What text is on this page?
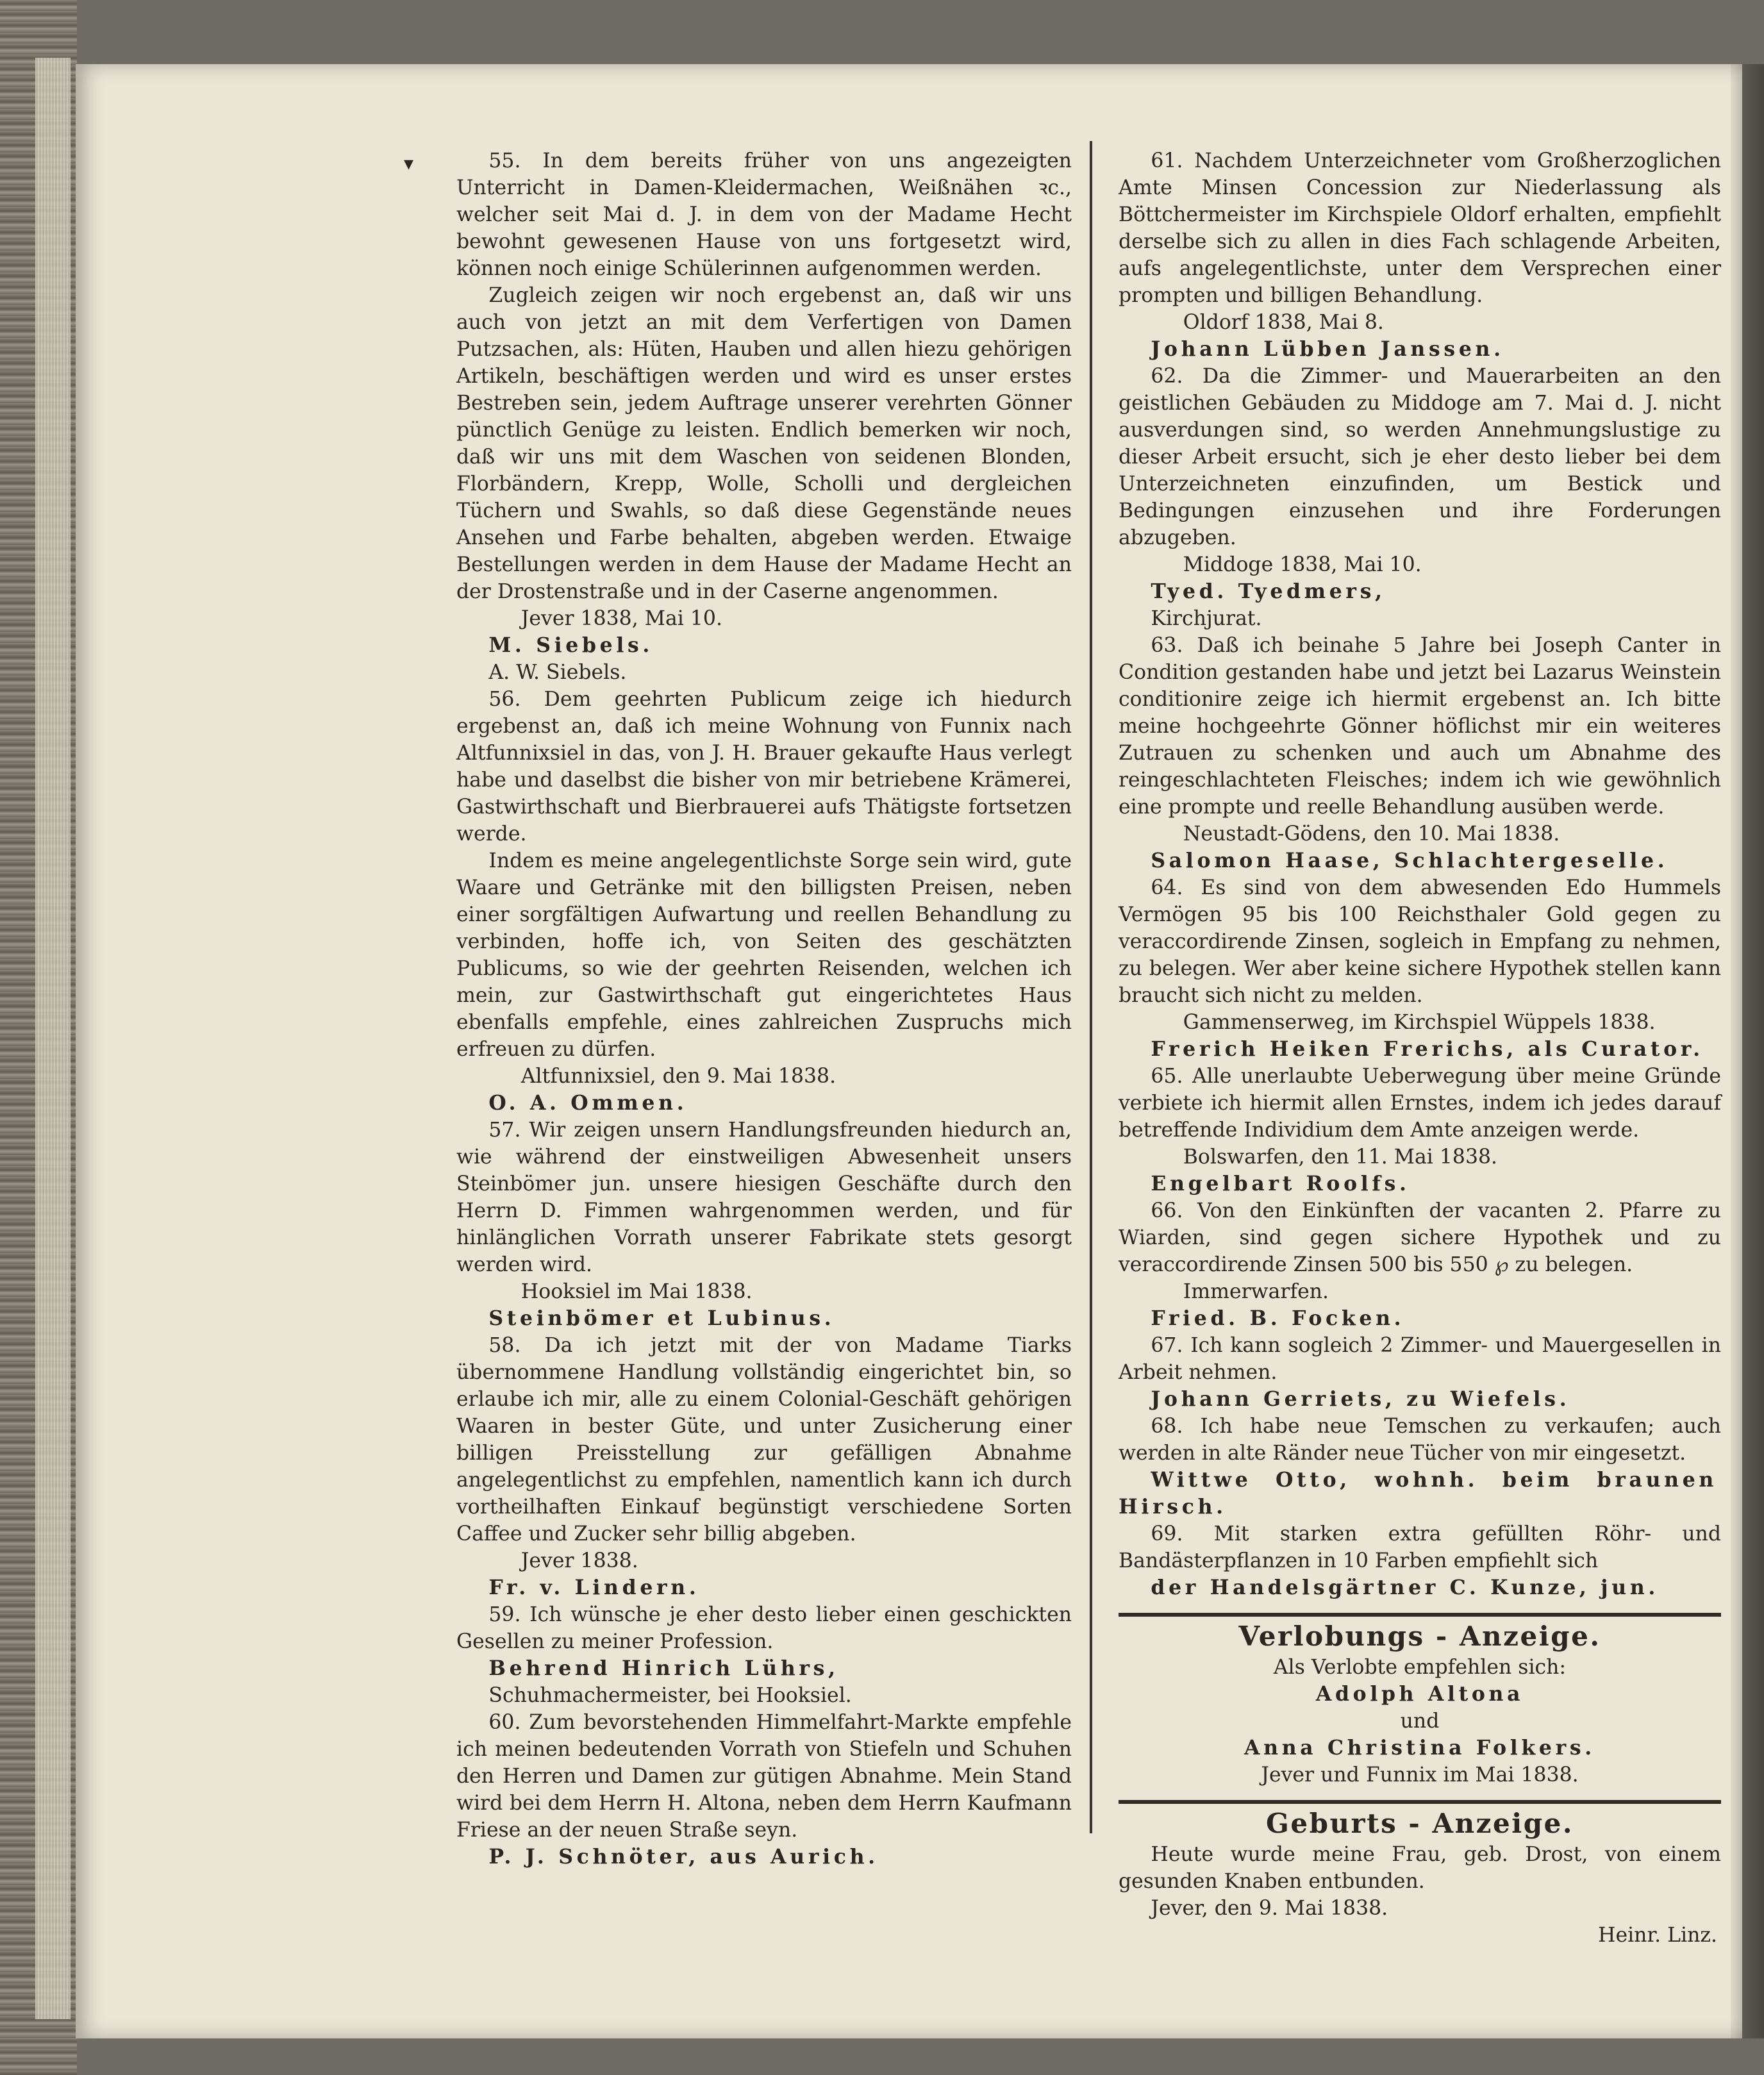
▾	55. In dem bereits früher von uns angezeigten Unterricht in Damen-Kleidermachen, Weißnähen ꝛc., welcher seit Mai d. J. in dem von der Madame Hecht bewohnt gewesenen Hause von uns fortgesetzt wird, können noch einige Schülerinnen aufgenommen werden.

Zugleich zeigen wir noch ergebenst an, daß wir uns auch von jetzt an mit dem Verfertigen von Damen Putzsachen, als: Hüten, Hauben und allen hiezu gehörigen Artikeln, beschäftigen werden und wird es unser erstes Bestreben sein, jedem Auftrage unserer verehrten Gönner pünctlich Genüge zu leisten. Endlich bemerken wir noch, daß wir uns mit dem Waschen von seidenen Blonden, Florbändern, Krepp, Wolle, Scholli und dergleichen Tüchern und Swahls, so daß diese Gegenstände neues Ansehen und Farbe behalten, abgeben werden. Etwaige Bestellungen werden in dem Hause der Madame Hecht an der Drostenstraße und in der Caserne angenommen.

Jever 1838, Mai 10.

M. Siebels.

A. W. Siebels.

56. Dem geehrten Publicum zeige ich hiedurch ergebenst an, daß ich meine Wohnung von Funnix nach Altfunnixsiel in das, von J. H. Brauer gekaufte Haus verlegt habe und daselbst die bisher von mir betriebene Krämerei, Gastwirthschaft und Bierbrauerei aufs Thätigste fortsetzen werde.

Indem es meine angelegentlichste Sorge sein wird, gute Waare und Getränke mit den billigsten Preisen, neben einer sorgfältigen Aufwartung und reellen Behandlung zu verbinden, hoffe ich, von Seiten des geschätzten Publicums, so wie der geehrten Reisenden, welchen ich mein, zur Gastwirthschaft gut eingerichtetes Haus ebenfalls empfehle, eines zahlreichen Zuspruchs mich erfreuen zu dürfen.

Altfunnixsiel, den 9. Mai 1838.

O. A. Ommen.

57. Wir zeigen unsern Handlungsfreunden hiedurch an, wie während der einstweiligen Abwesenheit unsers Steinbömer jun. unsere hiesigen Geschäfte durch den Herrn D. Fimmen wahrgenommen werden, und für hinlänglichen Vorrath unserer Fabrikate stets gesorgt werden wird.

Hooksiel im Mai 1838.

Steinbömer et Lubinus.

58. Da ich jetzt mit der von Madame Tiarks übernommene Handlung vollständig eingerichtet bin, so erlaube ich mir, alle zu einem Colonial-Geschäft gehörigen Waaren in bester Güte, und unter Zusicherung einer billigen Preisstellung zur gefälligen Abnahme angelegentlichst zu empfehlen, namentlich kann ich durch vortheilhaften Einkauf begünstigt verschiedene Sorten Caffee und Zucker sehr billig abgeben.

Jever 1838.

Fr. v. Lindern.

59. Ich wünsche je eher desto lieber einen geschickten Gesellen zu meiner Profession.

Behrend Hinrich Lührs,

Schuhmachermeister, bei Hooksiel.

60. Zum bevorstehenden Himmelfahrt-Markte empfehle ich meinen bedeutenden Vorrath von Stiefeln und Schuhen den Herren und Damen zur gütigen Abnahme. Mein Stand wird bei dem Herrn H. Altona, neben dem Herrn Kaufmann Friese an der neuen Straße seyn.

P. J. Schnöter, aus Aurich.

61. Nachdem Unterzeichneter vom Großherzoglichen Amte Minsen Concession zur Niederlassung als Böttchermeister im Kirchspiele Oldorf erhalten, empfiehlt derselbe sich zu allen in dies Fach schlagende Arbeiten, aufs angelegentlichste, unter dem Versprechen einer prompten und billigen Behandlung.

Oldorf 1838, Mai 8.

Johann Lübben Janssen.

62. Da die Zimmer- und Mauerarbeiten an den geistlichen Gebäuden zu Middoge am 7. Mai d. J. nicht ausverdungen sind, so werden Annehmungslustige zu dieser Arbeit ersucht, sich je eher desto lieber bei dem Unterzeichneten einzufinden, um Bestick und Bedingungen einzusehen und ihre Forderungen abzugeben.

Middoge 1838, Mai 10.

Tyed. Tyedmers,

Kirchjurat.

63. Daß ich beinahe 5 Jahre bei Joseph Canter in Condition gestanden habe und jetzt bei Lazarus Weinstein conditionire zeige ich hiermit ergebenst an. Ich bitte meine hochgeehrte Gönner höflichst mir ein weiteres Zutrauen zu schenken und auch um Abnahme des reingeschlachteten Fleisches; indem ich wie gewöhnlich eine prompte und reelle Behandlung ausüben werde.

Neustadt-Gödens, den 10. Mai 1838.

Salomon Haase, Schlachtergeselle.

64. Es sind von dem abwesenden Edo Hummels Vermögen 95 bis 100 Reichsthaler Gold gegen zu veraccordirende Zinsen, sogleich in Empfang zu nehmen, zu belegen. Wer aber keine sichere Hypothek stellen kann braucht sich nicht zu melden.

Gammenserweg, im Kirchspiel Wüppels 1838.

Frerich Heiken Frerichs, als Curator.

65. Alle unerlaubte Ueberwegung über meine Gründe verbiete ich hiermit allen Ernstes, indem ich jedes darauf betreffende Individium dem Amte anzeigen werde.

Bolswarfen, den 11. Mai 1838.

Engelbart Roolfs.

66. Von den Einkünften der vacanten 2. Pfarre zu Wiarden, sind gegen sichere Hypothek und zu veraccordirende Zinsen 500 bis 550 ℘ zu belegen.

Immerwarfen.

Fried. B. Focken.

67. Ich kann sogleich 2 Zimmer- und Mauergesellen in Arbeit nehmen.

Johann Gerriets, zu Wiefels.

68. Ich habe neue Temschen zu verkaufen; auch werden in alte Ränder neue Tücher von mir eingesetzt.

Wittwe Otto, wohnh. beim braunen Hirsch.

69. Mit starken extra gefüllten Röhr- und Bandästerpflanzen in 10 Farben empfiehlt sich

der Handelsgärtner C. Kunze, jun.

Verlobungs - Anzeige.

Als Verlobte empfehlen sich:

Adolph Altona

und

Anna Christina Folkers.

Jever und Funnix im Mai 1838.

Geburts - Anzeige.

Heute wurde meine Frau, geb. Drost, von einem gesunden Knaben entbunden.

Jever, den 9. Mai 1838.

Heinr. Linz.
